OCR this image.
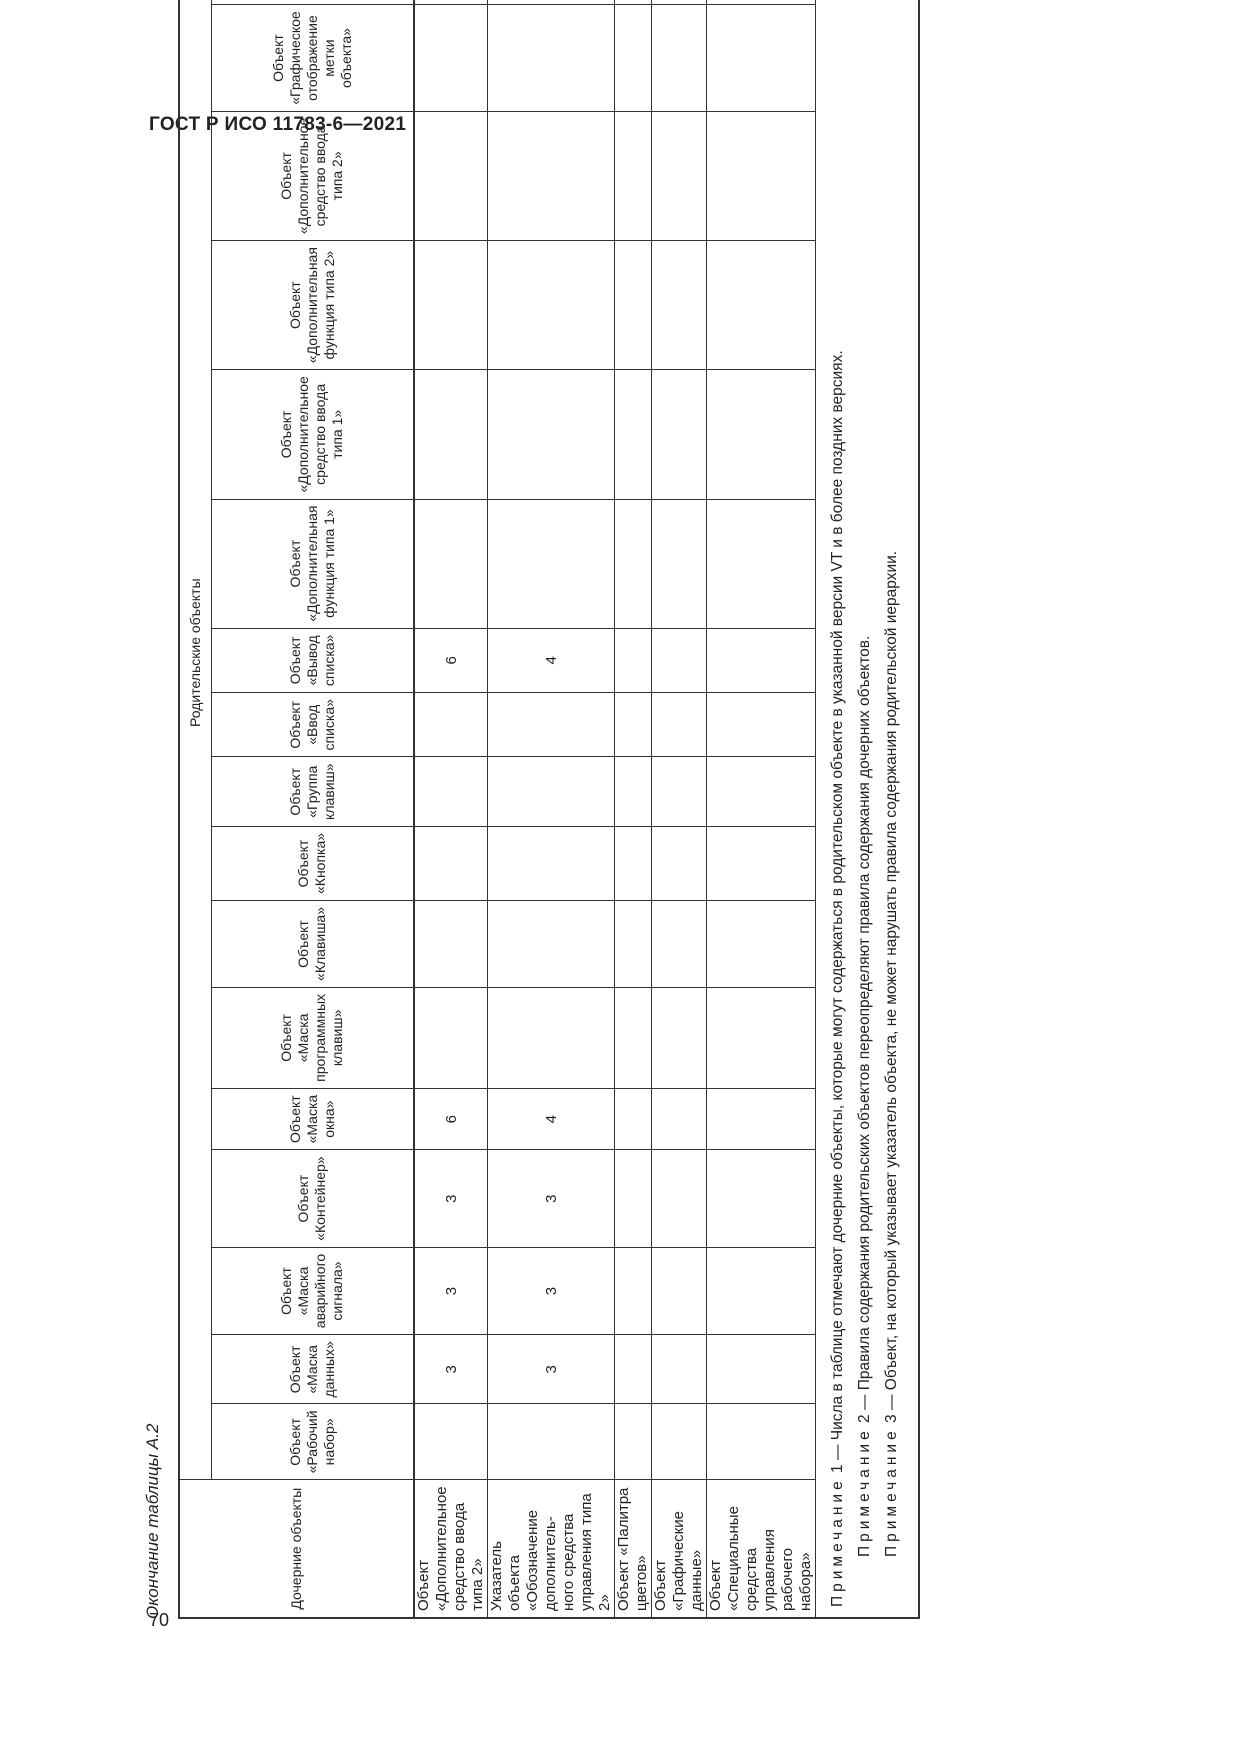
ГОСТ Р ИСО 11783-6—2021
Окончание таблицы А.2	Дочерние объекты	Родительские объекты																	
	Объект «Рабочий набор»	Объект «Маска данных»	Объект «Маска аварийного сигнала»	Объект «Контейнер»	Объект «Маска окна»	Объект «Маска программных клавиш»	Объект «Клавиша»	Объект «Кнопка»	Объект «Группа клавиш»	Объект «Ввод списка»	Объект «Вывод списка»	Объект «Дополнительная функция типа 1»	Объект «Дополнительное средство ввода типа 1»	Объект «Дополнительная функция типа 2»	Объект «Дополнительное средство ввода типа 2»	Объект «Графическое отображение метки объекта»		
Объект «Дополнительное средство ввода типа 2»		3	3	3	6						6							
Указатель объекта «Обозначение дополнитель-ного средства управления типа 2»		3	3	3	4						4							
Объект «Палитра цветов»																		
Объект «Графические данные»																		
Объект «Специальные средства управления рабочего набора»																		

Примечание 1 — Числа в таблице отмечают дочерние объекты, которые могут содержаться в родительском объекте в указанной версии VT и в более поздних версиях.
Примечание 2 — Правила содержания родительских объектов переопределяют правила содержания дочерних объектов.
Примечание 3 — Объект, на который указывает указатель объекта, не может нарушать правила содержания родительской иерархии.																		
70
